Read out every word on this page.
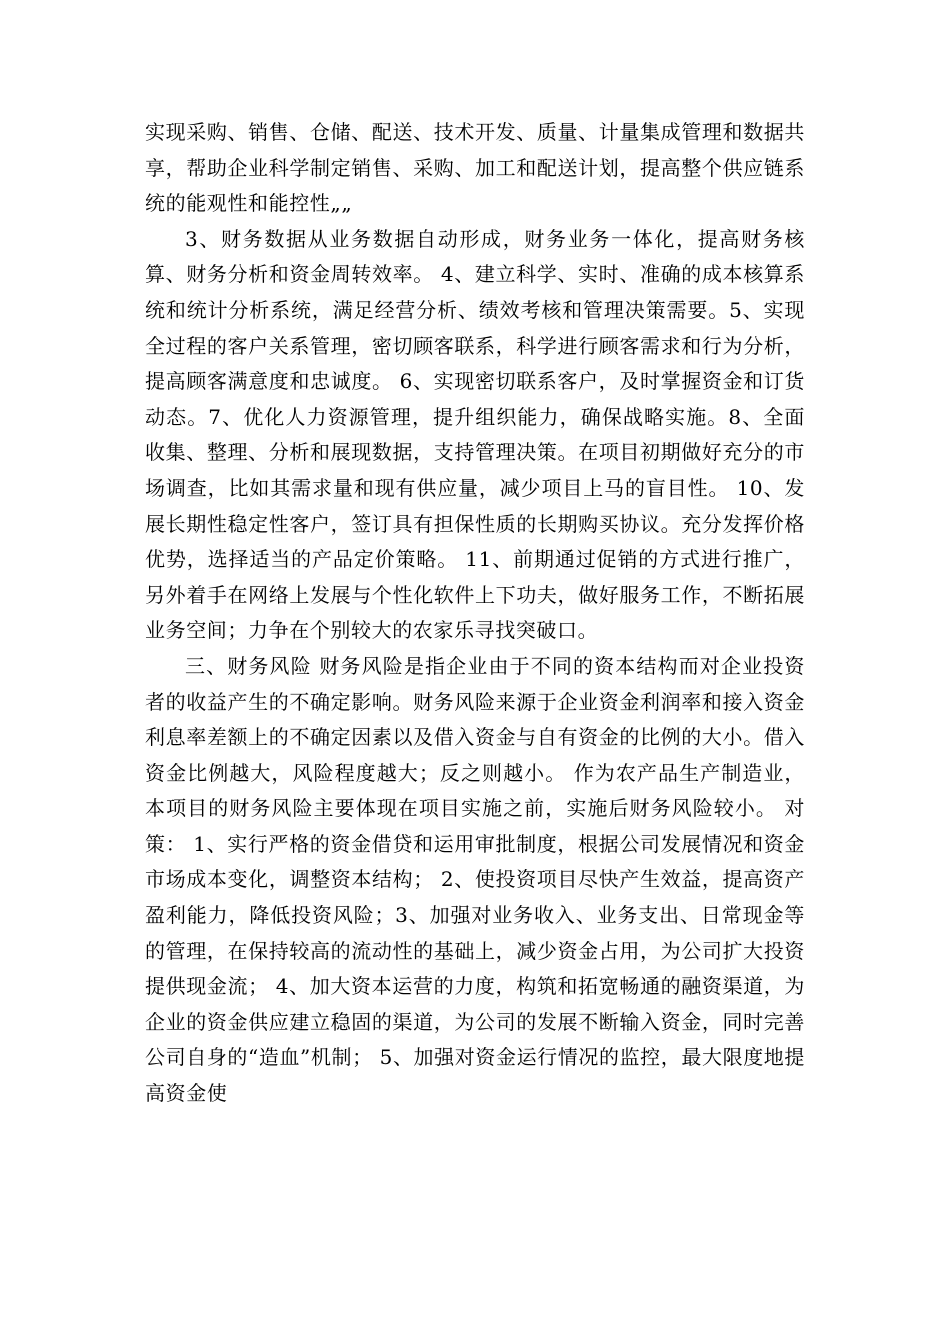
实现采购、销售、仓储、配送、技术开发、质量、计量集成管理和数据共享，帮助企业科学制定销售、采购、加工和配送计划，提高整个供应链系统的能观性和能控性„„

3、财务数据从业务数据自动形成，财务业务一体化，提高财务核算、财务分析和资金周转效率。 4、建立科学、实时、准确的成本核算系统和统计分析系统，满足经营分析、绩效考核和管理决策需要。5、实现全过程的客户关系管理，密切顾客联系，科学进行顾客需求和行为分析，提高顾客满意度和忠诚度。 6、实现密切联系客户，及时掌握资金和订货动态。7、优化人力资源管理，提升组织能力，确保战略实施。8、全面收集、整理、分析和展现数据，支持管理决策。在项目初期做好充分的市场调查，比如其需求量和现有供应量，减少项目上马的盲目性。 10、发展长期性稳定性客户，签订具有担保性质的长期购买协议。充分发挥价格优势，选择适当的产品定价策略。 11、前期通过促销的方式进行推广，另外着手在网络上发展与个性化软件上下功夫，做好服务工作，不断拓展业务空间；力争在个别较大的农家乐寻找突破口。

三、财务风险 财务风险是指企业由于不同的资本结构而对企业投资者的收益产生的不确定影响。财务风险来源于企业资金利润率和接入资金利息率差额上的不确定因素以及借入资金与自有资金的比例的大小。借入资金比例越大，风险程度越大；反之则越小。 作为农产品生产制造业，本项目的财务风险主要体现在项目实施之前，实施后财务风险较小。 对策： 1、实行严格的资金借贷和运用审批制度，根据公司发展情况和资金市场成本变化，调整资本结构； 2、使投资项目尽快产生效益，提高资产盈利能力，降低投资风险；3、加强对业务收入、业务支出、日常现金等的管理，在保持较高的流动性的基础上，减少资金占用，为公司扩大投资提供现金流； 4、加大资本运营的力度，构筑和拓宽畅通的融资渠道，为企业的资金供应建立稳固的渠道，为公司的发展不断输入资金，同时完善公司自身的“造血”机制； 5、加强对资金运行情况的监控，最大限度地提高资金使
